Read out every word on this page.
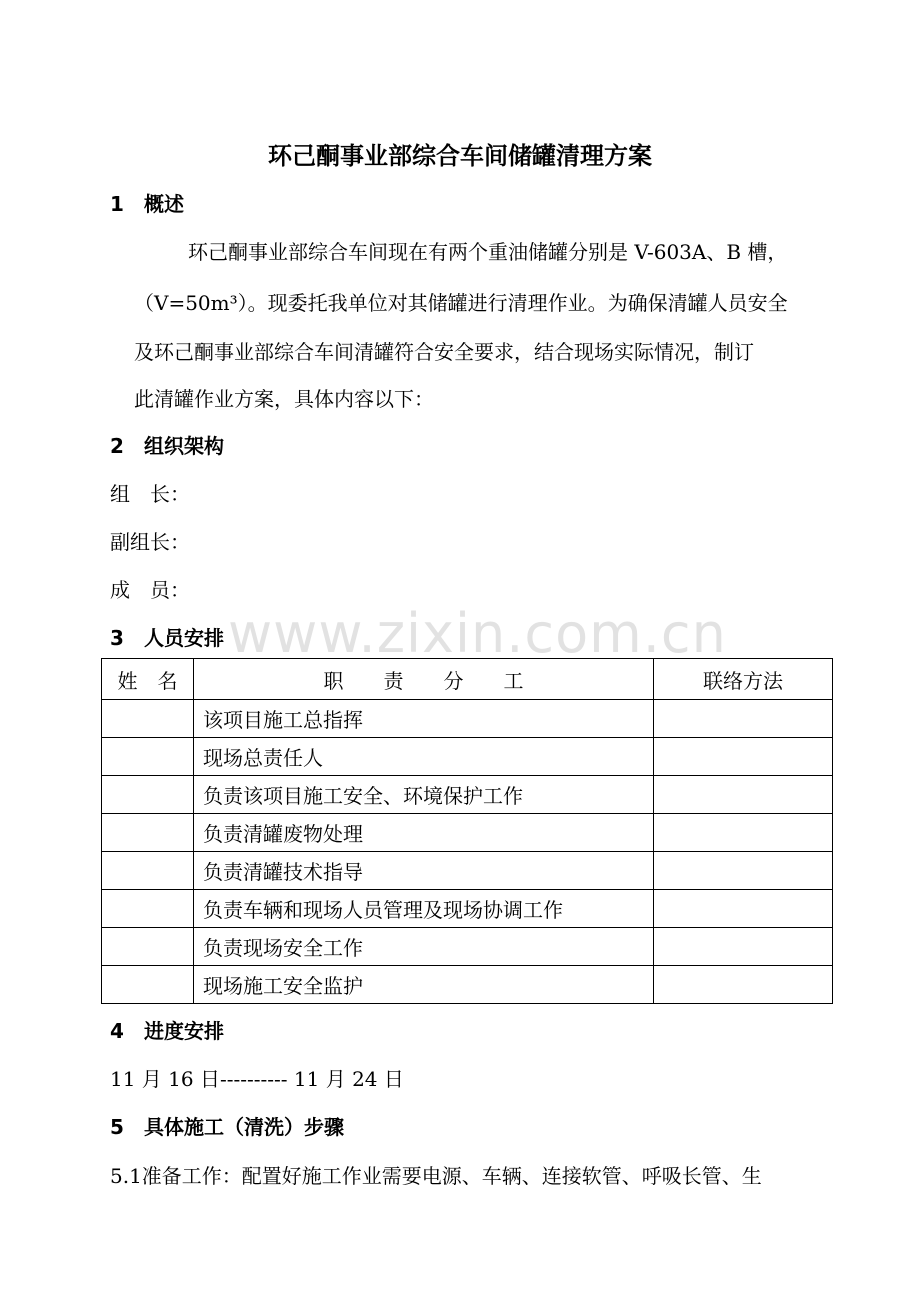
环己酮事业部综合车间储罐清理方案
1 概述
环己酮事业部综合车间现在有两个重油储罐分别是 V-603A、B 槽，
（V=50m³）。现委托我单位对其储罐进行清理作业。为确保清罐人员安全
及环己酮事业部综合车间清罐符合安全要求，结合现场实际情况，制订
此清罐作业方案，具体内容以下：
2 组织架构
组　长：
副组长：
成　员：
3 人员安排 www.zixin.com.cn
姓　名	职　　责　　分　　工	联络方法
	该项目施工总指挥	
	现场总责任人	
	负责该项目施工安全、环境保护工作	
	负责清罐废物处理	
	负责清罐技术指导	
	负责车辆和现场人员管理及现场协调工作	
	负责现场安全工作	
	现场施工安全监护	
4 进度安排
11 月 16 日---------- 11 月 24 日
5 具体施工（清洗）步骤
5.1准备工作：配置好施工作业需要电源、车辆、连接软管、呼吸长管、生
